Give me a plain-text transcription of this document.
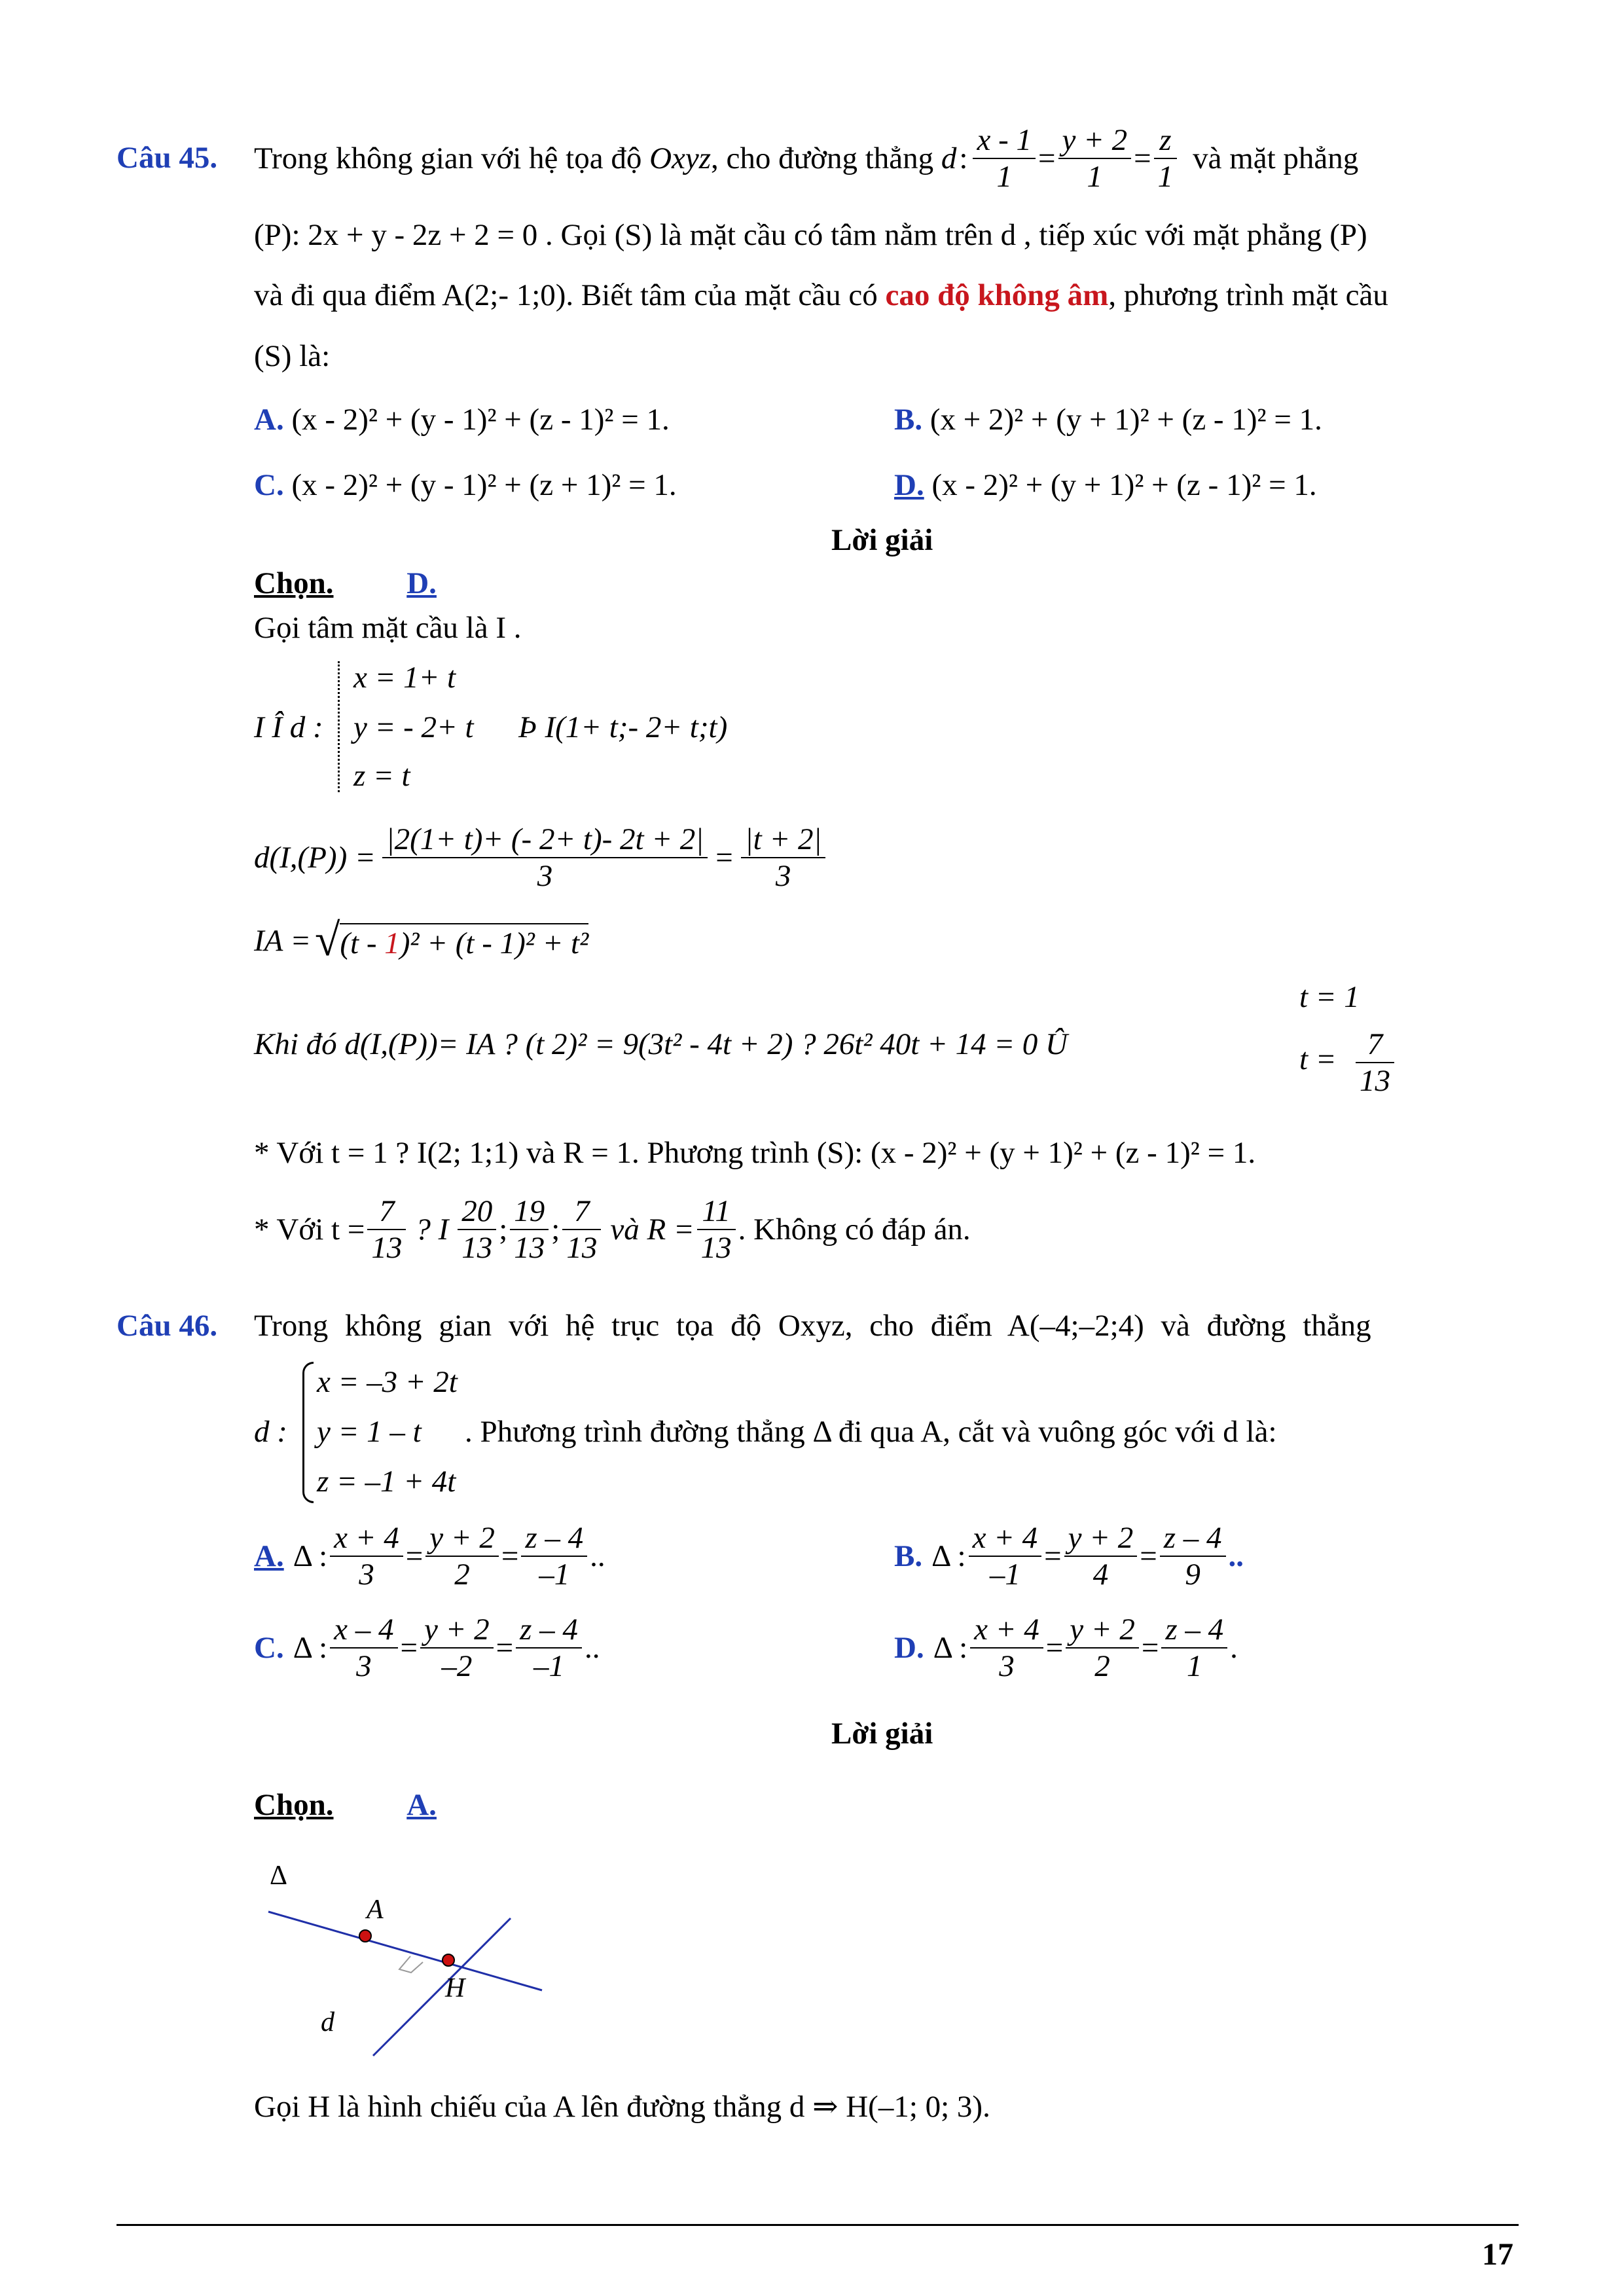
Câu 45. Trong không gian với hệ tọa độ Oxyz , cho đường thẳng d : $\frac{x - 1}{1} = \frac{y + 2}{1} = \frac{z}{1}$ và mặt phẳng
(P): 2x + y - 2z + 2 = 0 . Gọi (S) là mặt cầu có tâm nằm trên d , tiếp xúc với mặt phẳng (P)
và đi qua điểm A(2;- 1;0). Biết tâm của mặt cầu có cao độ không âm, phương trình mặt cầu
(S) là:
A. (x - 2)² + (y - 1)² + (z - 1)² = 1.	B. (x + 2)² + (y + 1)² + (z - 1)² = 1.
C. (x - 2)² + (y - 1)² + (z + 1)² = 1.	D. (x - 2)² + (y + 1)² + (z - 1)² = 1.
Lời giải
Chọn. D.
Gọi tâm mặt cầu là I .
I Î d :
x = 1+ t
y = - 2+ t
z = t
Þ I(1+ t;- 2+ t;t)
$d(I,(P)) = \frac{|2(1+ t)+ (- 2+ t)- 2t + 2|}{3} = \frac{|t + 2|}{3}$
IA = √ (t - 1)² + (t - 1)² + t²
Khi đó d(I,(P))= IA ? (t 2)² = 9(3t² - 4t + 2) ? 26t² 40t + 14 = 0 Û
t = 1
$t = \frac{7}{13}$
* Với t = 1 ? I(2; 1;1) và R = 1. Phương trình (S): (x - 2)² + (y + 1)² + (z - 1)² = 1.
* Với $t = \frac{7}{13}$ ? I $\frac{20}{13}$ ; $\frac{19}{13}$ ; $\frac{7}{13}$ và $R = \frac{11}{13}$ . Không có đáp án.
Câu 46. Trong không gian với hệ trục tọa độ Oxyz, cho điểm A(–4;–2;4) và đường thẳng
d :
x = –3 + 2t
y = 1 – t
z = –1 + 4t
. Phương trình đường thẳng Δ đi qua A, cắt và vuông góc với d là:
A. Δ : $\frac{x + 4}{3} = \frac{y + 2}{2} = \frac{z - 4}{-1}$ ..	B. Δ : $\frac{x + 4}{-1} = \frac{y + 2}{4} = \frac{z - 4}{9}$ ..
C. Δ : $\frac{x - 4}{3} = \frac{y + 2}{-2} = \frac{z - 4}{-1}$ ..	D. Δ : $\frac{x + 4}{3} = \frac{y + 2}{2} = \frac{z - 4}{1}$ .
Lời giải
Chọn. A.
Δ
A
H
d
Gọi H là hình chiếu của A lên đường thẳng d ⇒ H(–1; 0; 3).
17
